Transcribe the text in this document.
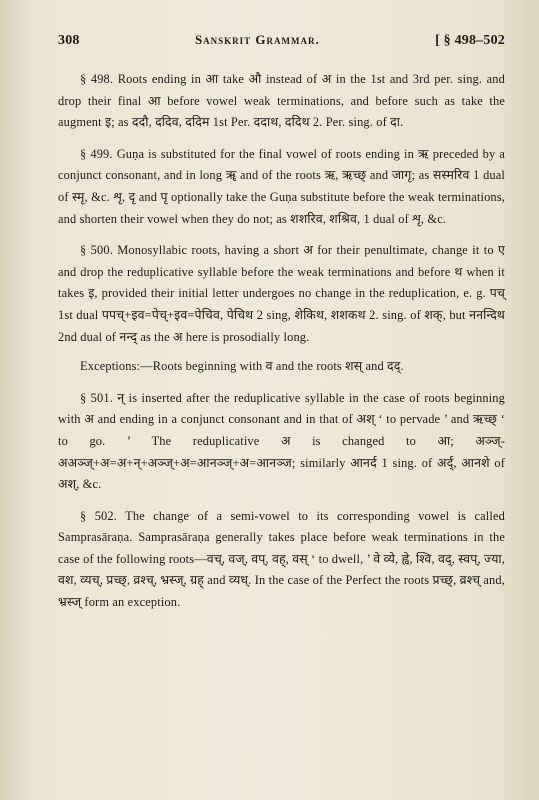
308	Sanskrit Grammar.	[ § 498–502

§ 498. Roots ending in आ take औ instead of अ in the 1st and 3rd per. sing. and drop their final आ before vowel weak terminations, and before such as take the augment इ; as ददौ, ददिव, ददिम 1st Per. ददाथ, ददिथ 2. Per. sing. of दा.

§ 499. Guṇa is substituted for the final vowel of roots ending in ऋ preceded by a conjunct consonant, and in long ॠ and of the roots ऋ, ऋच्छ् and जागृ; as सस्मरिव 1 dual of स्मृ, &c. शृ, दृ and पृ optionally take the Guṇa substitute before the weak terminations, and shorten their vowel when they do not; as शशरिव, शश्रिव, 1 dual of शृ, &c.

§ 500. Monosyllabic roots, having a short अ for their penultimate, change it to ए and drop the reduplicative syllable before the weak terminations and before थ when it takes इ, provided their initial letter undergoes no change in the reduplication, e. g. पच् 1st dual पपच्+इव=पेच्+इव=पेचिव, पेचिथ 2 sing, शेकिथ, शशकथ 2. sing. of शक्, but ननन्दिथ 2nd dual of नन्द् as the अ here is prosodially long.

Exceptions:—Roots beginning with व and the roots शस् and दद्.

§ 501. न् is inserted after the reduplicative syllable in the case of roots beginning with अ and ending in a conjunct consonant and in that of अश् ‘ to pervade ’ and ऋच्छ् ‘ to go. ’ The reduplicative अ is changed to आ; अञ्ज्-अअञ्ज्+अ=अ+न्+अञ्ज्+अ=आनञ्ज्+अ=आनञ्ज; similarly आनर्द 1 sing. of अर्द्, आनशे of अश्, &c.

§ 502. The change of a semi-vowel to its corresponding vowel is called Samprasāraṇa. Samprasāraṇa generally takes place before weak terminations in the case of the following roots—वच्, वज्, वप्, वह्, वस् ‘ to dwell, ’ वे व्ये, ह्वे, श्वि, वद्, स्वप्, ज्या, वश, व्यच्, प्रच्छ्, व्रश्च्, भ्रस्ज्, ग्रह् and व्यध्. In the case of the Perfect the roots प्रच्छ्, व्रश्च् and, भ्रस्ज् form an exception.
